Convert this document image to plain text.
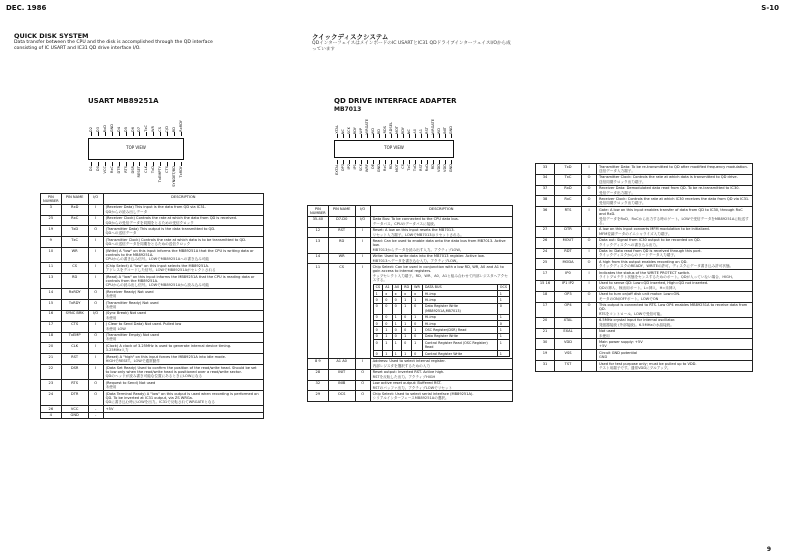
DEC. 1986	S-10
QUICK DISK SYSTEM
Data transfer between the CPU and the disk is accomplished through the QD interface consisting of IC USART and IC31 QD drive interface I/O.
クイックディスクシステム
QDインターフェイスはメインボードのIC USARTとIC31 QDドライブインターフェイスI/Oから成っています
USART MB89251A
D2 D3 RxD GND D4 D5 D6 D7 TxC WR CS C/D RD RxRDY
TOP VIEW
D1 D0 VCC RxC DTR RTS DSR RESET CLK TxD TxEMPTY CTS SYNDET/BD TxRDY
QD DRIVE INTERFACE ADAPTER
MB7013
XTAL NC SCK RDY WP WRGATE WD RD RDS RDSEL MOT RDY NC A0 A1 RST WRGATE WD INIT GND
TOP VIEW
EXTAL OP3 IP2 IP1 SCK WRF OE GND RxC RD MOT CS TxC TxD RST RxD RD VDD VDD GND
PIN NUMBER	PIN NAME	I/O	DESCRIPTION
3	RxD	I	(Receiver Data) This input is the data from QD via IC31.
QDからの読み出しデータ

25	RxC	I	(Receiver Clock) Controls the rate at which the data from QD is received.
QDからの受信データを同期をとるための受信クロック

19	TxD	O	(Transmitter Data) This output is the data transmitted to QD.
QDへの送信データ

9	TxC	I	(Transmitter Clock) Controls the rate at which data is to be transmitted to QD.
QDへの送信データを同期をとるための送信クロック

10	WR	I	(Write) A "low" on this input informs the MB89251A that the CPU is writing data or controls to the MB89251A.
CPUからの書き込み信号。LOWでMB89251Aへの書き込み可能

11	CS	I	(Chip Select) A "low" on this input selects the MB89251A.
アドレスをデコードした信号。LOWでMB89251Aがセレクトされる

13	RD	I	(Read) A "low" on this input informs the MB89251A that the CPU is reading data or controls from the MB89251A.
CPUからの読み出し信号。LOWでMB89251Aから読み込み可能

14	RxRDY	O	(Receiver Ready) Not used
未使用

15	TxRDY	O	(Transmitter Ready) Not used
未使用

16	SYNC BRK	I/O	(Sync Break) Not used
未使用

17	CTS	I	( Clear to Send Data) Not used. Pulled low
未使用 LOW

18	TxEMP	O	(Transmitter Empty) Not used
未使用

20	CLK	I	(Clock) A clock of 3.25MHz is used to generate internal device timing.
3.25MHz入力

21	RST	I	(Reset) A "high" on this input forces the MB89251A into idle mode.
HIGHでRESET。LOWで通常動作

22	DSR	I	(Data Set Ready) Used to confirm the position of the read/write head. Should be set to low only when the read/write head is positioned over a read/write sector.
QDのヘッドが読み書き可能な位置にあるときにLOWになる

23	RTS	O	(Request to Send) Not used
未使用

24	DTR	O	(Data Terminal Ready) A "low" on this output is used when recording is performed on QD. To be inverted at IC31 output, via ZS WRGa.
QDに書き込む時にLOWを出力。IC31で反転されてWRGATEとなる

26	VCC	-	+5V

4	GND	-	
PIN NUMBER	PIN NAME	I/O	DESCRIPTION
35-40	D7-D0	I/O	Data Bus: To be connected to the CPU data bus.
データバス。CPUのデータバスに接続。

12	RST	I	Reset: A low on this input resets the MB7013.
リセット入力端子。LOWでMB7013はリセットされる。

13	RD	I	Read: Can be used to enable data onto the data bus from MB7013. Active low.
MB7013からデータを読み出す入力。アクティブLOW。

14	WR	I	Write: Used to write data into the MB7013 register. Active low.
MB7013へデータを書き込む入力。アクティブLOW。

11	CS	I	Chip Select: Can be used in conjunction with a low RD, WR, A0 and A1 to gain access to internal registers.
チップセレクト入力端子。RD、WR、A0、A1と組み合わせて内部レジスタへアクセスする。
CS	A1	A0	RD	WR	DATA BUS	OCS
1	x	x	x	x	Hi-imp	1
0	0	0	1	1	Hi-imp	1
0	0	0	1	0	Data Register Write (MB89251A,MB7013)	0
0	0	1	0	1	Hi-imp	1
0	0	1	1	0	Hi-imp	0
0	1	0	0	1	OSC Register(DSR) Read	1
0	1	0	1	0	Data Register Write	1
0	1	1	0	1	Control Register Read (OSC Register) Read	1
0	1	1	1	0	Control Register Write	1

8 9	A1 A0	I	Address: Used to select internal register.
内部レジスタを選択するための入力

28	INIT	O	Reset output: Inverted RST. Active high.
RSTを反転した出力。アクティブHIGH

32	INIB	O	Low active reset output: Buffered RST.
RSTのバッファ出力。アクティブLOWでリセット

29	OCS	O	Chip Select: Used to select serial interface (MB89251A).
シリアルインターフェースMB89251Aの選択。
33	TxD	I	Transmitter Data: To be re-transmitted to QD after modified frequency modulation.
送信データ入力端子。

34	TxC	O	Transmitter Clock: Controls the rate at which data is transmitted to QD drive.
送信同期クロック出力端子。

37	RxD	O	Receiver Data: Demodulated data read from QD. To be re-transmitted to IC30.
受信データ出力端子。

38	RxC	O	Receiver Clock: Controls the rate at which IC30 receives the data from QD via IC31.
受信同期クロック出力端子。

36	RTS	I	Gate: A low on this input enables transfer of data from QD to IC30, through RxC and RxD.
受信データをRxD、RxCから出力する時のゲート。LOWで受信データをMB89251Aに転送する。

27	DTR	I	A low on this input converts MFM modulation to be initialized.
MFM変調データのイニシャライズ入力端子。

26	MOUT	O	Data out: Signal from IC30 output to be recorded on QD.
クイックディスクへの書き込み出力。

24	RDT	I	Data in: Data read from QD is received through this port.
クイックディスクからのリードデータ入力端子。

25	MODA	O	A high from this output enables recording on QD.
クイックディスクのREADY、WRITEの許可。ディスクにデータ書き込み許可状態。

17	IP0	I	Indicates the status of the WRITE PROTECT switch.
ライトプロテクト状態をセンスするためのポート。QDが入っていない場合、HIGH。

15 16	IP1 IP2	I	Used to sense QD: Low=QD inserted, High=QD not inserted.
QDの挿入、検出用ポート。L=挿入、H=未挿入

18	OP3	O	Used to turn on/off disk unit motor: Low=ON.
モータのON/OFFポート。LOWでON

17	OP4	O	This output is connected to RTS. Low OP4 enables MB89251A to receive data from QD.
RTSをコントロール。LOWで受信可能。

20	XTAL		6.5MHz crystal input for internal oscillator.
発振器接続 (外部接続)。6.5MHzの水晶接続。

21	EXAL		Not used
未使用

30	VDD		Main power supply: +5V
+5V

19	VSS		Circuit GND potential
GND

31	TST		Used for test purpose only; must be pulled up to VDD.
テスト用端子です。通常VDDにプルアップ。
9
